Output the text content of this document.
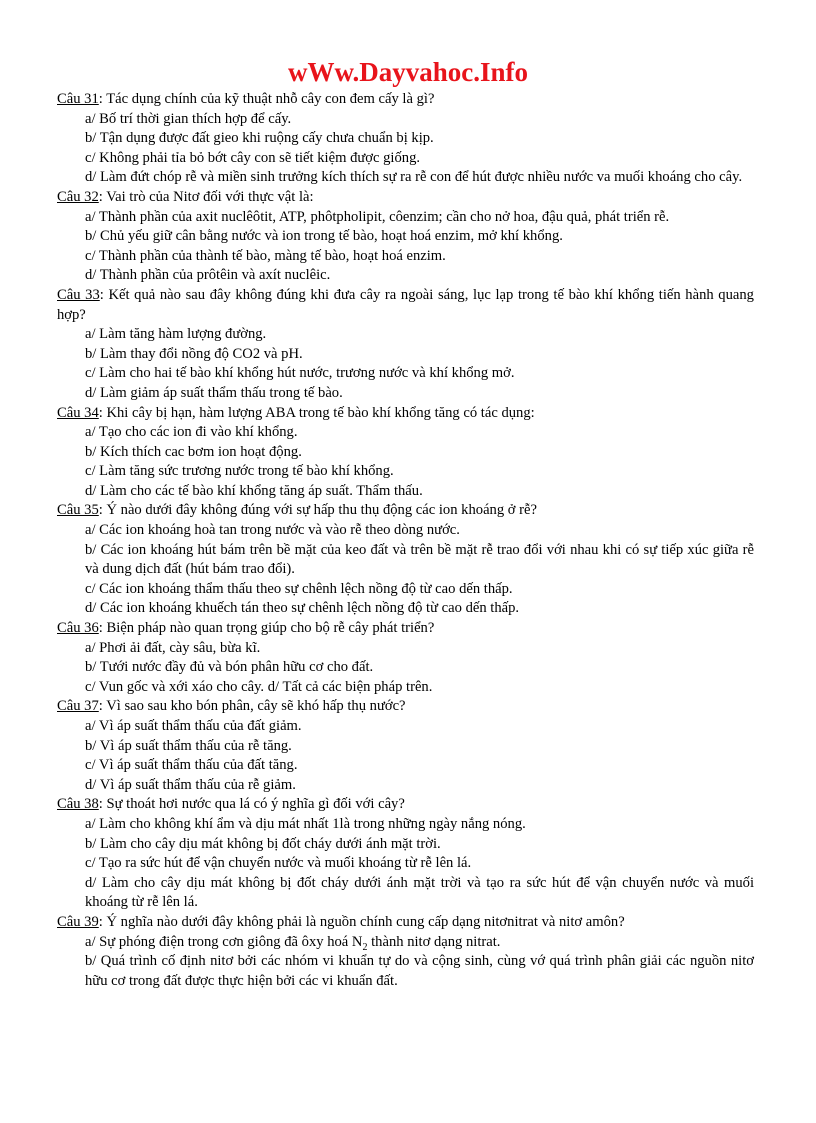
wWw.Dayvahoc.Info

Câu 31: Tác dụng chính của kỹ thuật nhỗ cây con đem cấy là gì?

a/ Bố trí thời gian thích hợp để cấy.
b/ Tận dụng được đất gieo khi ruộng cấy chưa chuẩn bị kịp.
c/ Không phải tỉa bỏ bớt cây con sẽ tiết kiệm được giống.
d/ Làm đứt chóp rễ và miền sinh trưởng kích thích sự ra rễ con để hút được nhiều nước va muối khoáng cho cây.

Câu 32: Vai trò của Nitơ đối với thực vật là:

a/ Thành phần của axit nuclêôtit, ATP, phôtpholipit, côenzim; cần cho nở hoa, đậu quả, phát triển rễ.
b/ Chủ yếu giữ cân bằng nước và ion trong tế bào, hoạt hoá enzim, mở khí khổng.
c/ Thành phần của thành tế bào, màng tế bào, hoạt hoá enzim.
d/ Thành phần của prôtêin và axít nuclêic.

Câu 33: Kết quả nào sau đây không đúng khi đưa cây ra ngoài sáng, lục lạp trong tế bào khí khổng tiến hành quang hợp?

a/ Làm tăng hàm lượng đường.
b/ Làm thay đổi nồng độ CO2 và pH.
c/ Làm cho hai tế bào khí khổng hút nước, trương nước và khí khổng mở.
d/ Làm giảm áp suất thẩm thấu trong tế bào.

Câu 34: Khi cây bị hạn, hàm lượng ABA trong tế bào khí khổng tăng có tác dụng:

a/ Tạo cho các ion đi vào khí khổng.
b/ Kích thích cac bơm ion hoạt động.
c/ Làm tăng sức trương nước trong tế bào khí khổng.
d/ Làm cho các tế bào khí khổng tăng áp suất. Thẩm thấu.

Câu 35: Ý nào dưới đây không đúng với sự hấp thu thụ động các ion khoáng ở rễ?

a/ Các ion khoáng hoà tan trong nước và vào rễ theo dòng nước.
b/ Các ion khoáng hút bám trên bề mặt của keo đất và trên bề mặt rễ trao đổi với nhau khi có sự tiếp xúc giữa rễ và dung dịch đất (hút bám trao đổi).
c/ Các ion khoáng thẩm thấu theo sự chênh lệch nồng độ từ cao dến thấp.
d/ Các ion khoáng khuếch tán theo sự chênh lệch nồng độ từ cao dến thấp.

Câu 36: Biện pháp nào quan trọng giúp cho bộ rễ cây phát triển?

a/ Phơi ải đất, cày sâu, bừa kĩ.
b/ Tưới nước đầy đủ và bón phân hữu cơ cho đất.
c/ Vun gốc và xới xáo cho cây. d/ Tất cả các biện pháp trên.

Câu 37: Vì sao sau kho bón phân, cây sẽ khó hấp thụ nước?

a/ Vì áp suất thẩm thấu của đất giảm.
b/ Vì áp suất thẩm thấu của rễ tăng.
c/ Vì áp suất thẩm thấu của đất tăng.
d/ Vì áp suất thẩm thấu của rễ giảm.

Câu 38: Sự thoát hơi nước qua lá có ý nghĩa gì đối với cây?

a/ Làm cho không khí ẩm và dịu mát nhất 1là trong những ngày nắng nóng.
b/ Làm cho cây dịu mát không bị đốt cháy dưới ánh mặt trời.
c/ Tạo ra sức hút để vận chuyển nước và muối khoáng từ rễ lên lá.
d/ Làm cho cây dịu mát không bị đốt cháy dưới ánh mặt trời và tạo ra sức hút để vận chuyển nước và muối khoáng từ rễ lên lá.

Câu 39: Ý nghĩa nào dưới đây không phải là nguồn chính cung cấp dạng nitơnitrat và nitơ amôn?

a/ Sự phóng điện trong cơn giông đã ôxy hoá $N_2$ thành nitơ dạng nitrat.
b/ Quá trình cố định nitơ bởi các nhóm vi khuẩn tự do và cộng sinh, cùng vớ quá trình phân giải các nguồn nitơ hữu cơ trong đất được thực hiện bởi các vi khuẩn đất.
